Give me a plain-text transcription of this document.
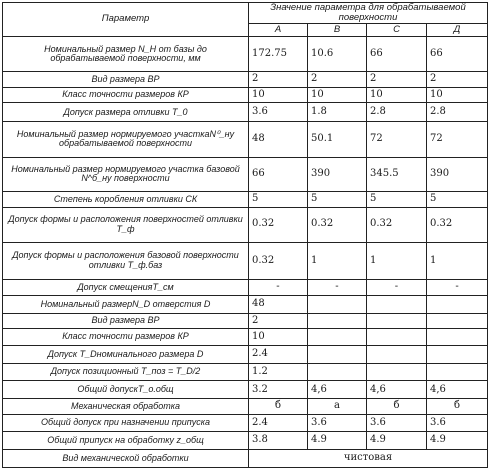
Параметр	Значение параметра для обрабатываемой поверхности			
	А	В	С	Д
Номинальный размер N_H от базы до обрабатываемой поверхности, мм	172.75	10.6	66	66
Вид размера ВР	2	2	2	2
Класс точности размеров КР	10	10	10	10
Допуск размера отливки T_0	3.6	1.8	2.8	2.8
Номинальный размер нормируемого участкаN⁰_ну обрабатываемой поверхности	48	50.1	72	72
Номинальный размер нормируемого участка базовой N^б_ну поверхности	66	390	345.5	390
Степень коробления отливки СК	5	5	5	5
Допуск формы и расположения поверхностей отливки T_ф	0.32	0.32	0.32	0.32
Допуск формы и расположения базовой поверхности отливки T_ф.баз	0.32	1	1	1
Допуск смещенияT_см	-	-	-	-
Номинальный размерN_D отверстия D	48			
Вид размера ВР	2			
Класс точности размеров КР	10			
Допуск T_Dноминального размера D	2.4			
Допуск позиционный T_поз = T_D/2	1.2			
Общий допускT_о.общ	3.2	4,6	4,6	4,6
Механическая обработка	б	а	б	б
Общий допуск при назначении припуска	2.4	3.6	3.6	3.6
Общий припуск на обработку z_общ	3.8	4.9	4.9	4.9
Вид механической обработки	чистовая			
